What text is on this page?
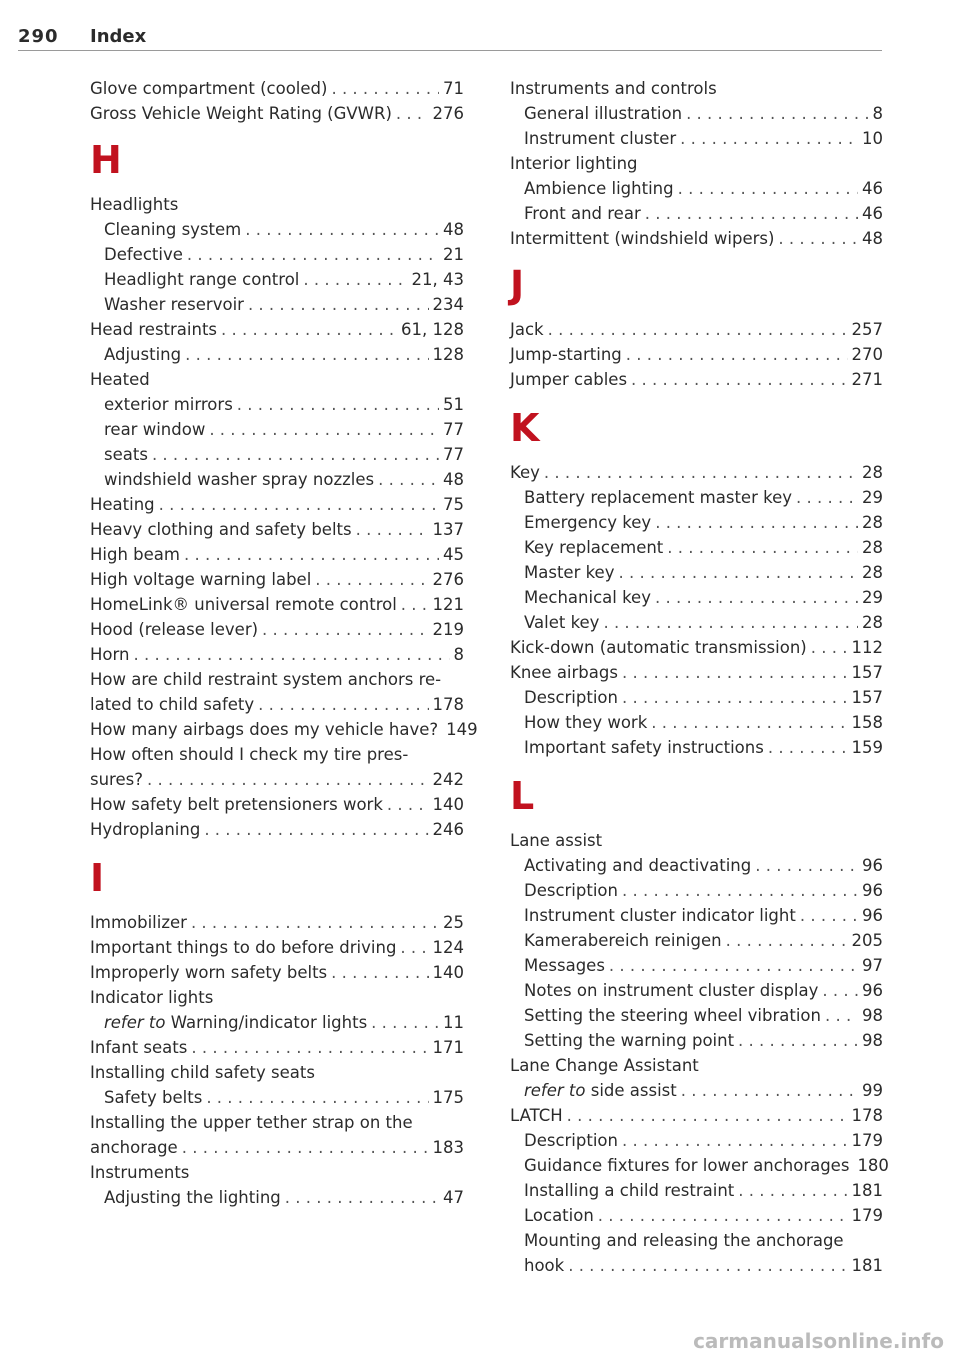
290 Index
Glove compartment (cooled) . . .	71
Gross Vehicle Weight Rating (GVWR) . . . 276
H
Headlights
Cleaning system . . .	48
Defective . . .	21
Headlight range control . . .	21, 43
Washer reservoir . . .	234
Head restraints . . .	61, 128
Adjusting . . .	128
Heated
exterior mirrors . . .	51
rear window . . .	77
seats . . .	77
windshield washer spray nozzles . . .	48
Heating . . .	75
Heavy clothing and safety belts . . .	137
High beam . . .	45
High voltage warning label . . .	276
HomeLink® universal remote control . . . 121
Hood (release lever) . . .	219
Horn . . .	8
How are child restraint system anchors re-
lated to child safety . . .	178
How many airbags does my vehicle have? 149
How often should I check my tire pres-
sures? . . .	242
How safety belt pretensioners work . . .	140
Hydroplaning . . .	246
I
Immobilizer . . .	25
Important things to do before driving . . . 124
Improperly worn safety belts . . .	140
Indicator lights
refer to Warning/indicator lights . . .	11
Infant seats . . .	171
Installing child safety seats
Safety belts . . .	175
Installing the upper tether strap on the
anchorage . . .	183
Instruments
Adjusting the lighting . . .	47
Instruments and controls
General illustration . . .	8
Instrument cluster . . .	10
Interior lighting
Ambience lighting . . .	46
Front and rear . . .	46
Intermittent (windshield wipers) . . .	48
J
Jack . . .	257
Jump-starting . . .	270
Jumper cables . . .	271
K
Key . . .	28
Battery replacement master key . . .	29
Emergency key . . .	28
Key replacement . . .	28
Master key . . .	28
Mechanical key . . .	29
Valet key . . .	28
Kick-down (automatic transmission) . . .	112
Knee airbags . . .	157
Description . . .	157
How they work . . .	158
Important safety instructions . . .	159
L
Lane assist
Activating and deactivating . . .	96
Description . . .	96
Instrument cluster indicator light . . .	96
Kamerabereich reinigen . . .	205
Messages . . .	97
Notes on instrument cluster display . . .	96
Setting the steering wheel vibration . . . 98
Setting the warning point . . .	98
Lane Change Assistant
refer to side assist . . .	99
LATCH . . .	178
Description . . .	179
Guidance fixtures for lower anchorages 180
Installing a child restraint . . .	181
Location . . .	179
Mounting and releasing the anchorage
hook . . .	181
carmanualsonline.info
